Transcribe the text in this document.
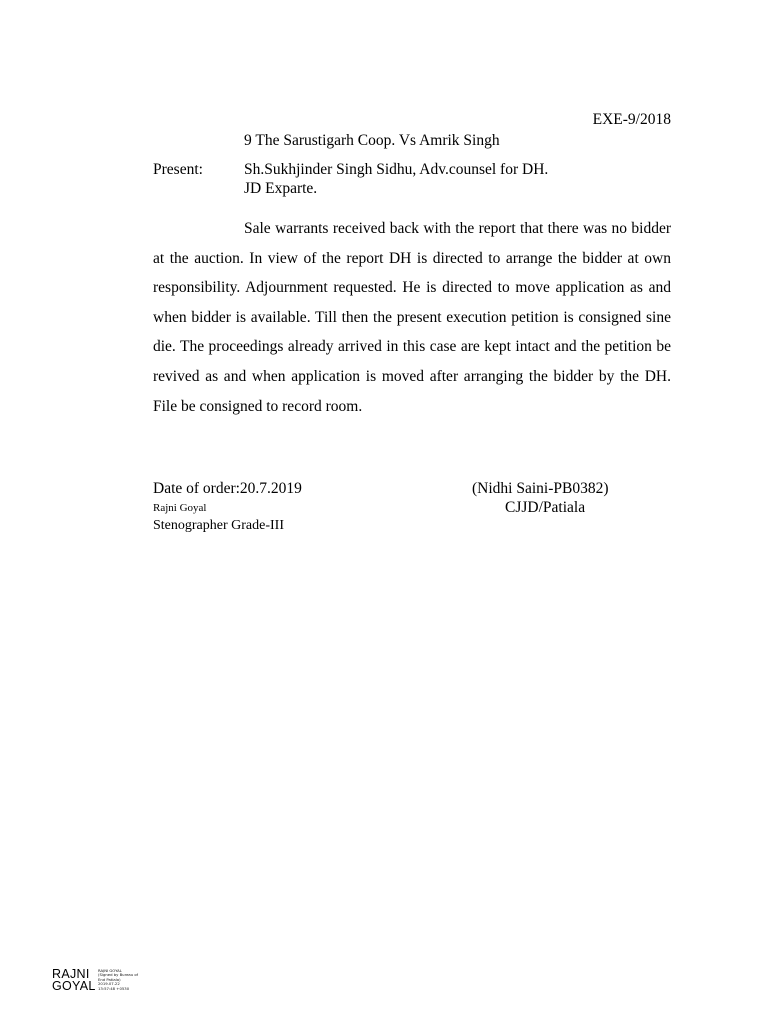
EXE-9/2018
9 The Sarustigarh Coop. Vs Amrik Singh
Present:	Sh.Sukhjinder Singh Sidhu, Adv.counsel for DH.
JD Exparte.
Sale warrants received back with the report that there was no bidder at the auction. In view of the report DH is directed to arrange the bidder at own responsibility. Adjournment requested. He is directed to move application as and when bidder is available. Till then the present execution petition is consigned sine die. The proceedings already arrived in this case are kept intact and the petition be revived as and when application is moved after arranging the bidder by the DH. File be consigned to record room.
Date of order:20.7.2019
Rajni Goyal
Stenographer Grade-III
(Nidhi Saini-PB0382)
CJJD/Patiala
RAJNI
GOYAL
RAJNI GOYAL
(Signed by Bureau of
End Patiala)
2019.07.22
13:57:48 +0530
